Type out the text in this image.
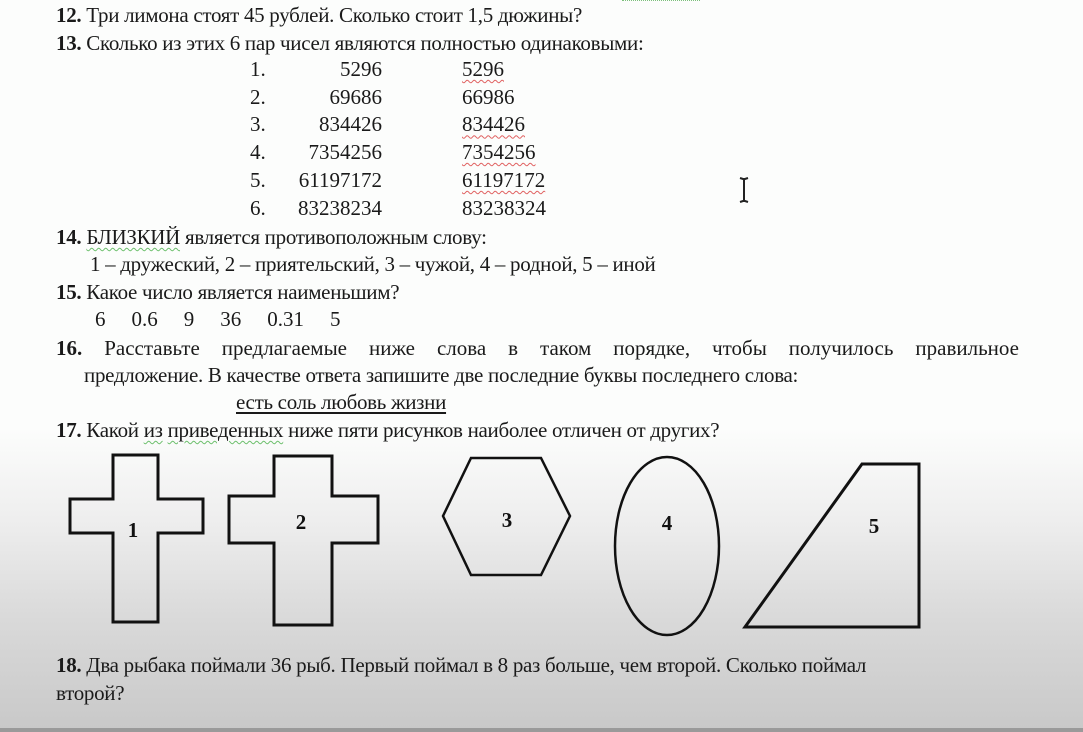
12. Три лимона стоят 45 рублей. Сколько стоит 1,5 дюжины?
13. Сколько из этих 6 пар чисел являются полностью одинаковыми:
1.	5296	5296
2.	69686	66986
3.	834426	834426
4.	7354256	7354256
5.	61197172	61197172
6.	83238234	83238324
14. БЛИЗКИЙ является противоположным слову:
1 – дружеский, 2 – приятельский, 3 – чужой, 4 – родной, 5 – иной
15. Какое число является наименьшим?
6 0.6 9 36 0.31 5
16. Расставьте предлагаемые ниже слова в таком порядке, чтобы получилось правильное
предложение. В качестве ответа запишите две последние буквы последнего слова:
есть соль любовь жизни
17. Какой из приведенных ниже пяти рисунков наиболее отличен от других?
1	2	3	4	5
18. Два рыбака поймали 36 рыб. Первый поймал в 8 раз больше, чем второй. Сколько поймал
второй?
